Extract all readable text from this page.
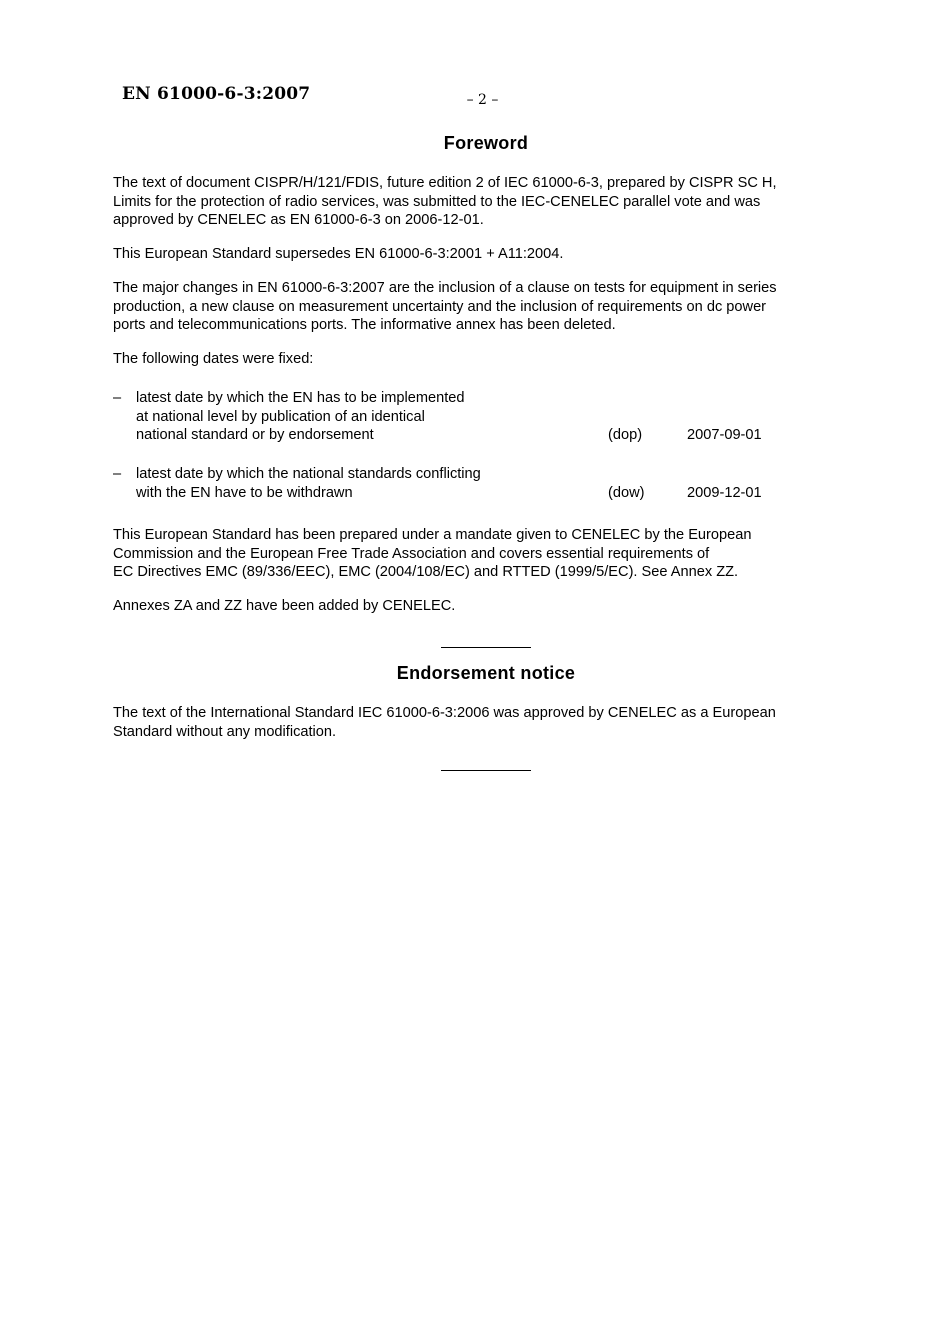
EN 61000-6-3:2007	– 2 –
Foreword
The text of document CISPR/H/121/FDIS, future edition 2 of IEC 61000-6-3, prepared by CISPR SC H,
Limits for the protection of radio services, was submitted to the IEC-CENELEC parallel vote and was
approved by CENELEC as EN 61000-6-3 on 2006-12-01.
This European Standard supersedes EN 61000-6-3:2001 + A11:2004.
The major changes in EN 61000-6-3:2007 are the inclusion of a clause on tests for equipment in series
production, a new clause on measurement uncertainty and the inclusion of requirements on dc power
ports and telecommunications ports. The informative annex has been deleted.
The following dates were fixed:
– latest date by which the EN has to be implemented
at national level by publication of an identical
national standard or by endorsement	(dop)	2007-09-01
– latest date by which the national standards conflicting
with the EN have to be withdrawn	(dow)	2009-12-01
This European Standard has been prepared under a mandate given to CENELEC by the European
Commission and the European Free Trade Association and covers essential requirements of
EC Directives EMC (89/336/EEC), EMC (2004/108/EC) and RTTED (1999/5/EC). See Annex ZZ.
Annexes ZA and ZZ have been added by CENELEC.
Endorsement notice
The text of the International Standard IEC 61000-6-3:2006 was approved by CENELEC as a European
Standard without any modification.
